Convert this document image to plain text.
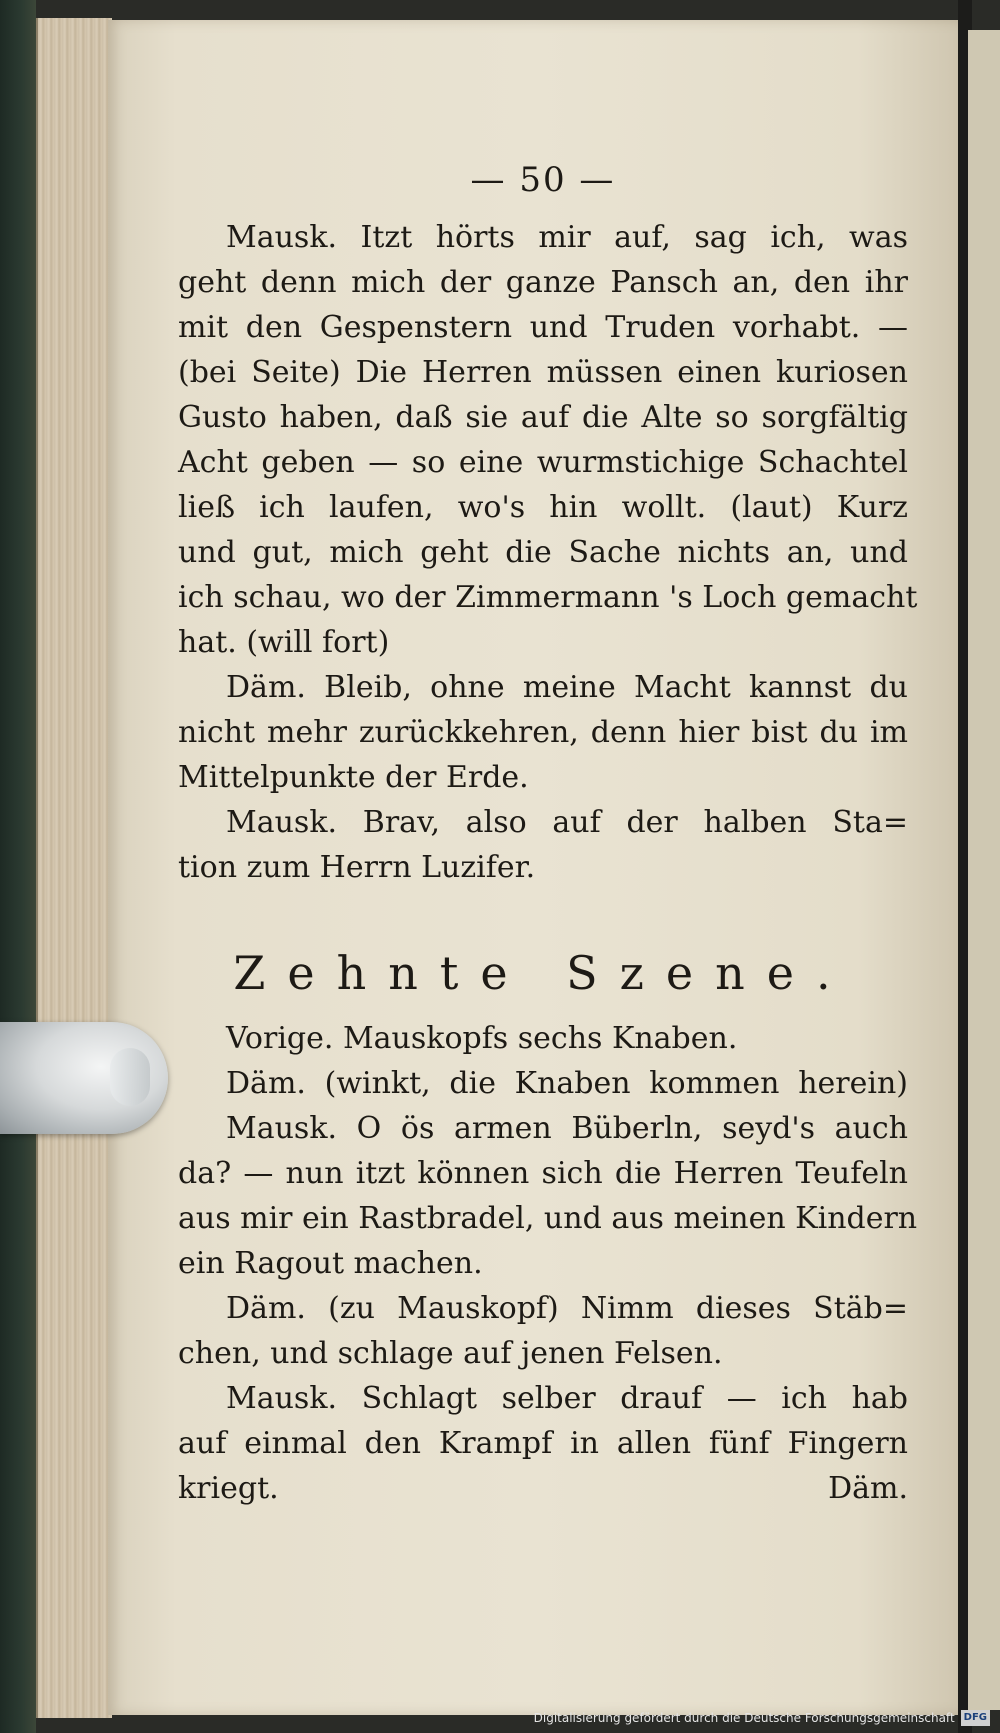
— 50 —
Mausk. Itzt hörts mir auf, sag ich, was
geht denn mich der ganze Pansch an, den ihr
mit den Gespenstern und Truden vorhabt. —
(bei Seite) Die Herren müssen einen kuriosen
Gusto haben, daß sie auf die Alte so sorgfältig
Acht geben — so eine wurmstichige Schachtel
ließ ich laufen, wo's hin wollt. (laut) Kurz
und gut, mich geht die Sache nichts an, und
ich schau, wo der Zimmermann 's Loch gemacht
hat. (will fort)
Däm. Bleib, ohne meine Macht kannst du
nicht mehr zurückkehren, denn hier bist du im
Mittelpunkte der Erde.
Mausk. Brav, also auf der halben Sta=
tion zum Herrn Luzifer.
Zehnte Szene.
Vorige. Mauskopfs sechs Knaben.
Däm. (winkt, die Knaben kommen herein)
Mausk. O ös armen Büberln, seyd's auch
da? — nun itzt können sich die Herren Teufeln
aus mir ein Rastbradel, und aus meinen Kindern
ein Ragout machen.
Däm. (zu Mauskopf) Nimm dieses Stäb=
chen, und schlage auf jenen Felsen.
Mausk. Schlagt selber drauf — ich hab
auf einmal den Krampf in allen fünf Fingern
kriegt.	Däm.
Digitalisierung gefördert durch die Deutsche Forschungsgemeinschaft DFG
